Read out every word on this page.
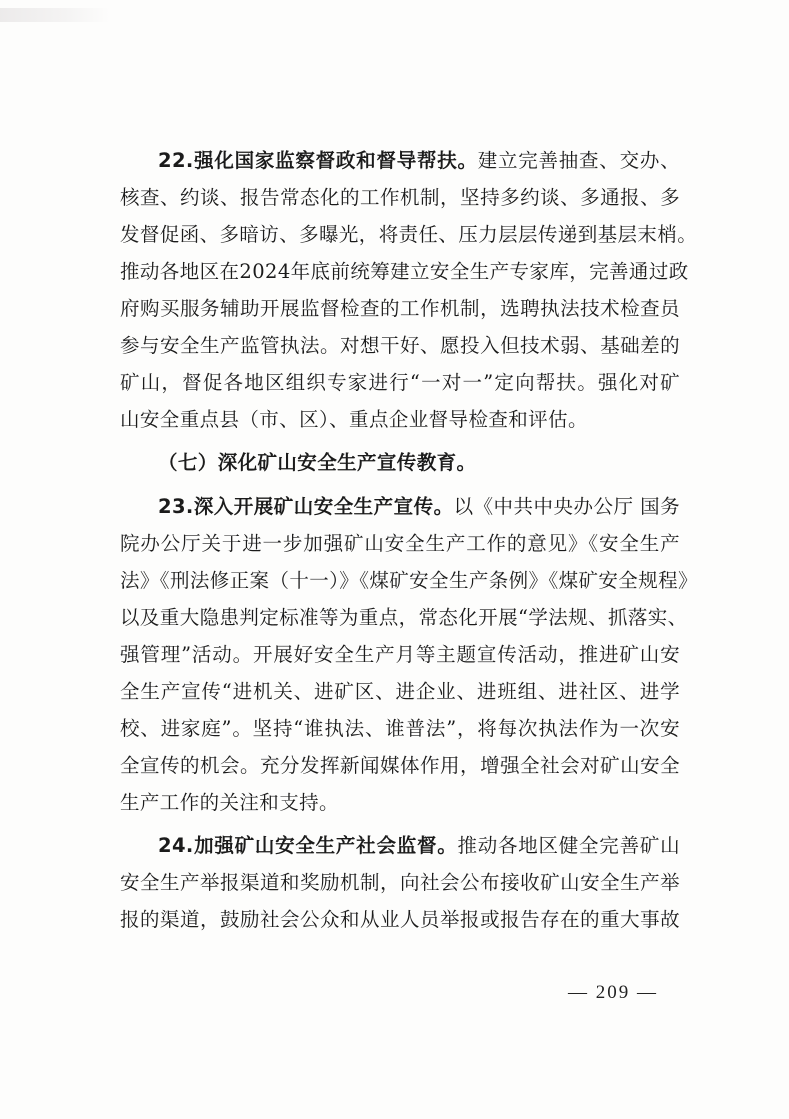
22.强化国家监察督政和督导帮扶。建立完善抽查、交办、
核查、约谈、报告常态化的工作机制，坚持多约谈、多通报、多
发督促函、多暗访、多曝光，将责任、压力层层传递到基层末梢。
推动各地区在2024年底前统筹建立安全生产专家库，完善通过政
府购买服务辅助开展监督检查的工作机制，选聘执法技术检查员
参与安全生产监管执法。对想干好、愿投入但技术弱、基础差的
矿山，督促各地区组织专家进行“一对一”定向帮扶。强化对矿
山安全重点县（市、区）、重点企业督导检查和评估。
（七）深化矿山安全生产宣传教育。
23.深入开展矿山安全生产宣传。以《中共中央办公厅 国务
院办公厅关于进一步加强矿山安全生产工作的意见》《安全生产
法》《刑法修正案（十一）》《煤矿安全生产条例》《煤矿安全规程》
以及重大隐患判定标准等为重点，常态化开展“学法规、抓落实、
强管理”活动。开展好安全生产月等主题宣传活动，推进矿山安
全生产宣传“进机关、进矿区、进企业、进班组、进社区、进学
校、进家庭”。坚持“谁执法、谁普法”，将每次执法作为一次安
全宣传的机会。充分发挥新闻媒体作用，增强全社会对矿山安全
生产工作的关注和支持。
24.加强矿山安全生产社会监督。推动各地区健全完善矿山
安全生产举报渠道和奖励机制，向社会公布接收矿山安全生产举
报的渠道，鼓励社会公众和从业人员举报或报告存在的重大事故
— 209 —
